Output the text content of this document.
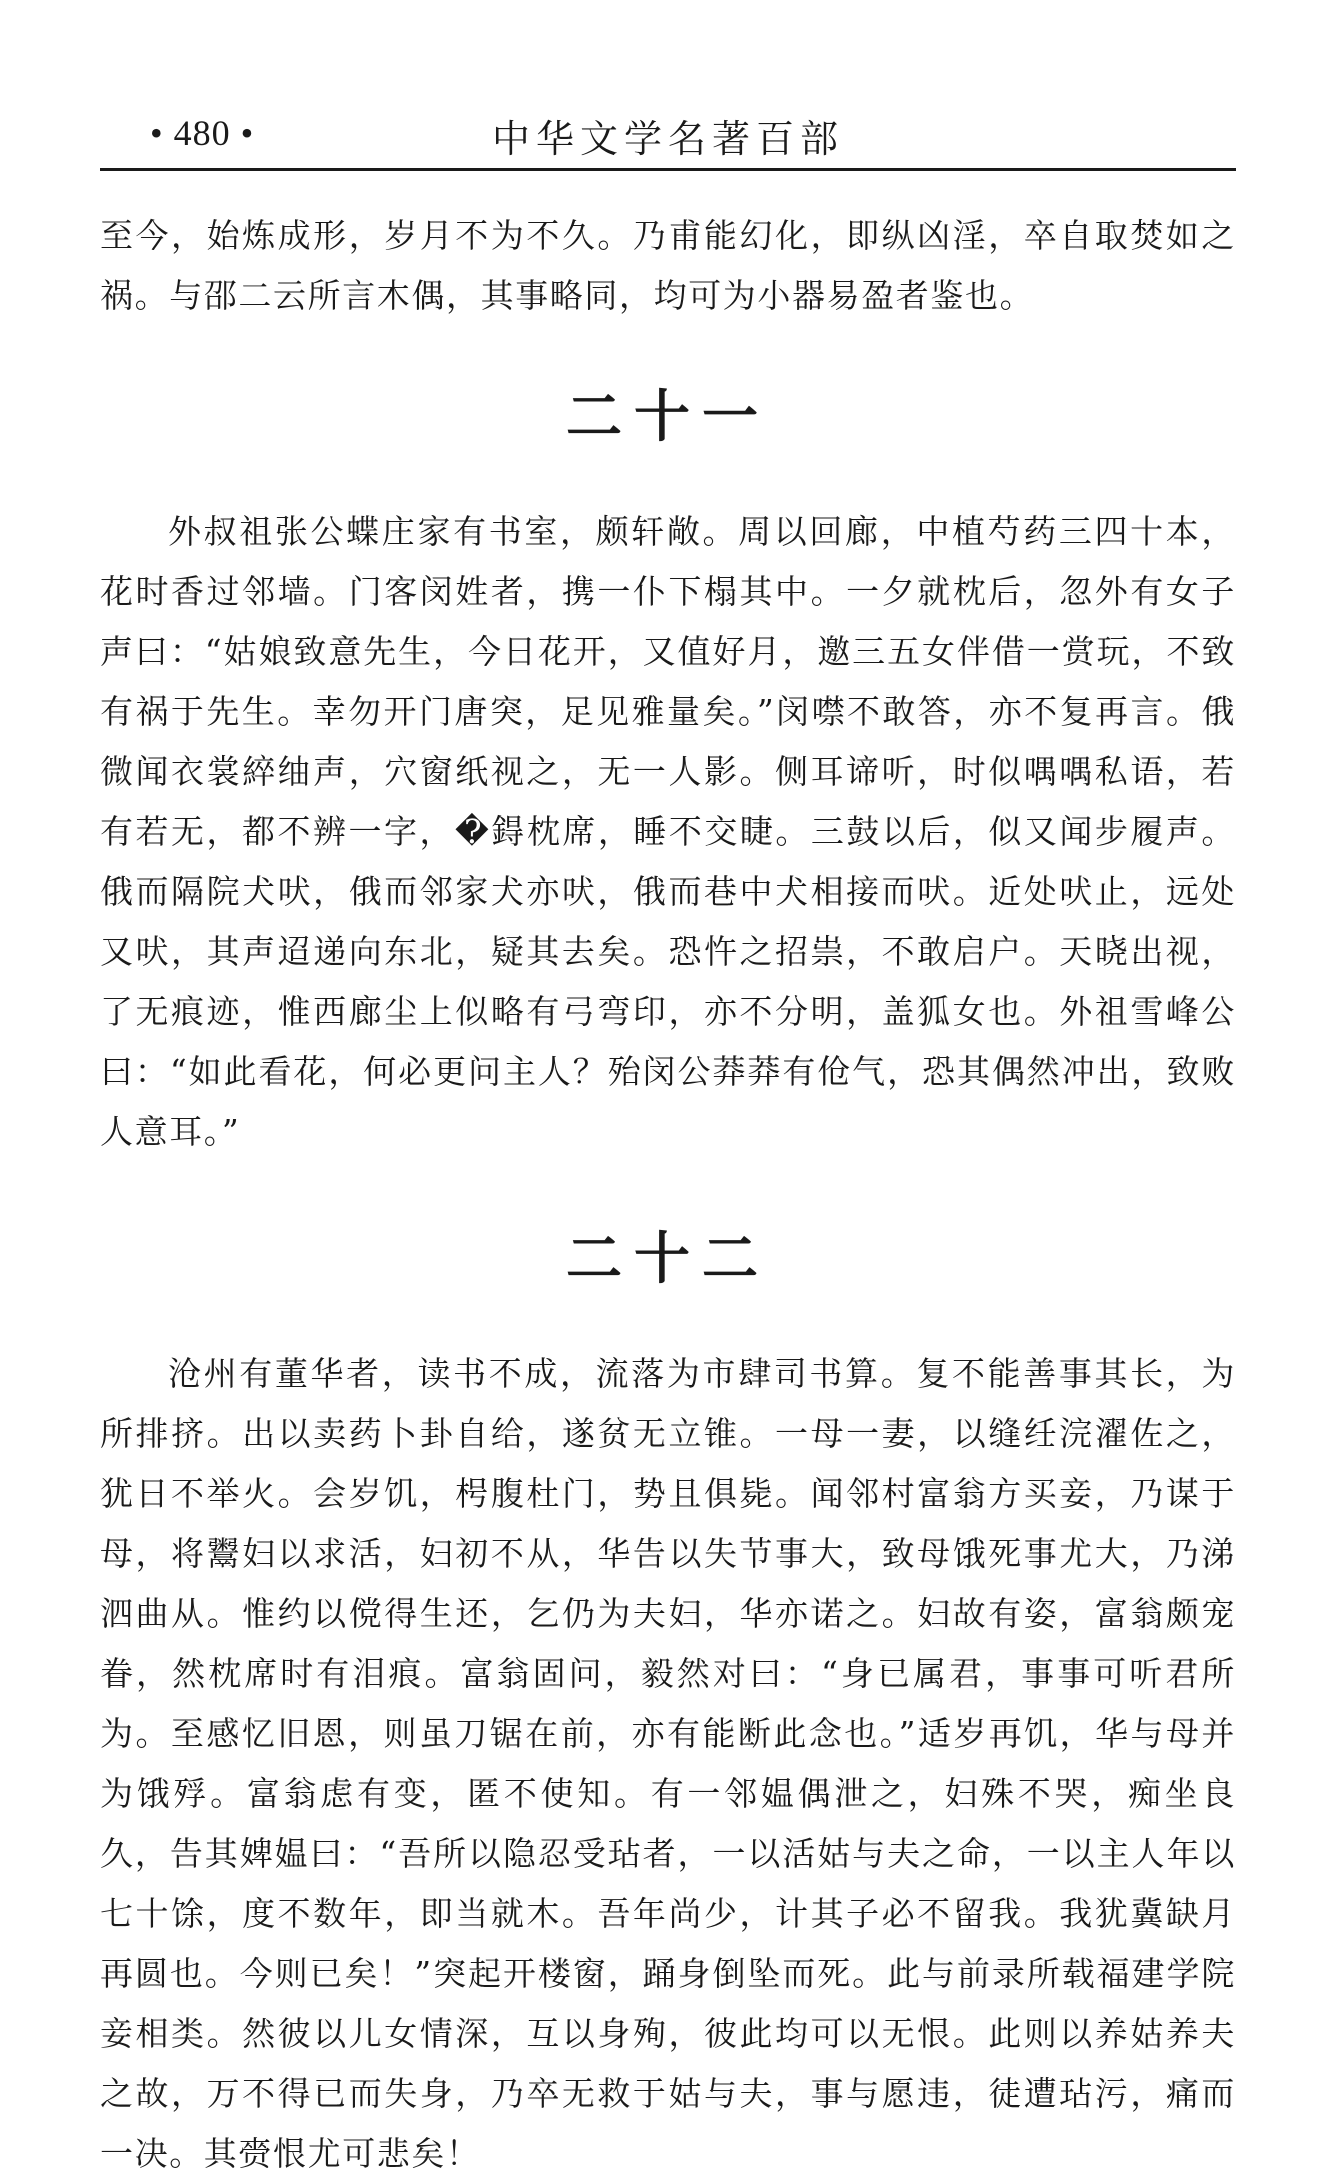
• 480 •	中华文学名著百部

至今，始炼成形，岁月不为不久。乃甫能幻化，即纵凶淫，卒自取焚如之祸。与邵二云所言木偶，其事略同，均可为小器易盈者鉴也。

二十一

外叔祖张公蝶庄家有书室，颇轩敞。周以回廊，中植芍药三四十本，花时香过邻墙。门客闵姓者，携一仆下榻其中。一夕就枕后，忽外有女子声曰：“姑娘致意先生，今日花开，又值好月，邀三五女伴借一赏玩，不致有祸于先生。幸勿开门唐突，足见雅量矣。”闵噤不敢答，亦不复再言。俄微闻衣裳綷䌷声，穴窗纸视之，无一人影。侧耳谛听，时似喁喁私语，若有若无，都不辨一字，�鍀枕席，睡不交睫。三鼓以后，似又闻步履声。俄而隔院犬吠，俄而邻家犬亦吠，俄而巷中犬相接而吠。近处吠止，远处又吠，其声迢递向东北，疑其去矣。恐忤之招祟，不敢启户。天晓出视，了无痕迹，惟西廊尘上似略有弓弯印，亦不分明，盖狐女也。外祖雪峰公曰：“如此看花，何必更问主人？殆闵公莽莽有伧气，恐其偶然冲出，致败人意耳。”

二十二

沧州有董华者，读书不成，流落为市肆司书算。复不能善事其长，为所排挤。出以卖药卜卦自给，遂贫无立锥。一母一妻，以缝纴浣濯佐之，犹日不举火。会岁饥，枵腹杜门，势且俱毙。闻邻村富翁方买妾，乃谋于母，将鬻妇以求活，妇初不从，华告以失节事大，致母饿死事尤大，乃涕泗曲从。惟约以傥得生还，乞仍为夫妇，华亦诺之。妇故有姿，富翁颇宠眷，然枕席时有泪痕。富翁固问，毅然对曰：“身已属君，事事可听君所为。至感忆旧恩，则虽刀锯在前，亦有能断此念也。”适岁再饥，华与母并为饿殍。富翁虑有变，匿不使知。有一邻媪偶泄之，妇殊不哭，痴坐良久，告其婢媪曰：“吾所以隐忍受玷者，一以活姑与夫之命，一以主人年以七十馀，度不数年，即当就木。吾年尚少，计其子必不留我。我犹冀缺月再圆也。今则已矣！”突起开楼窗，踊身倒坠而死。此与前录所载福建学院妾相类。然彼以儿女情深，互以身殉，彼此均可以无恨。此则以养姑养夫之故，万不得已而失身，乃卒无救于姑与夫，事与愿违，徒遭玷污，痛而一决。其赍恨尤可悲矣！
